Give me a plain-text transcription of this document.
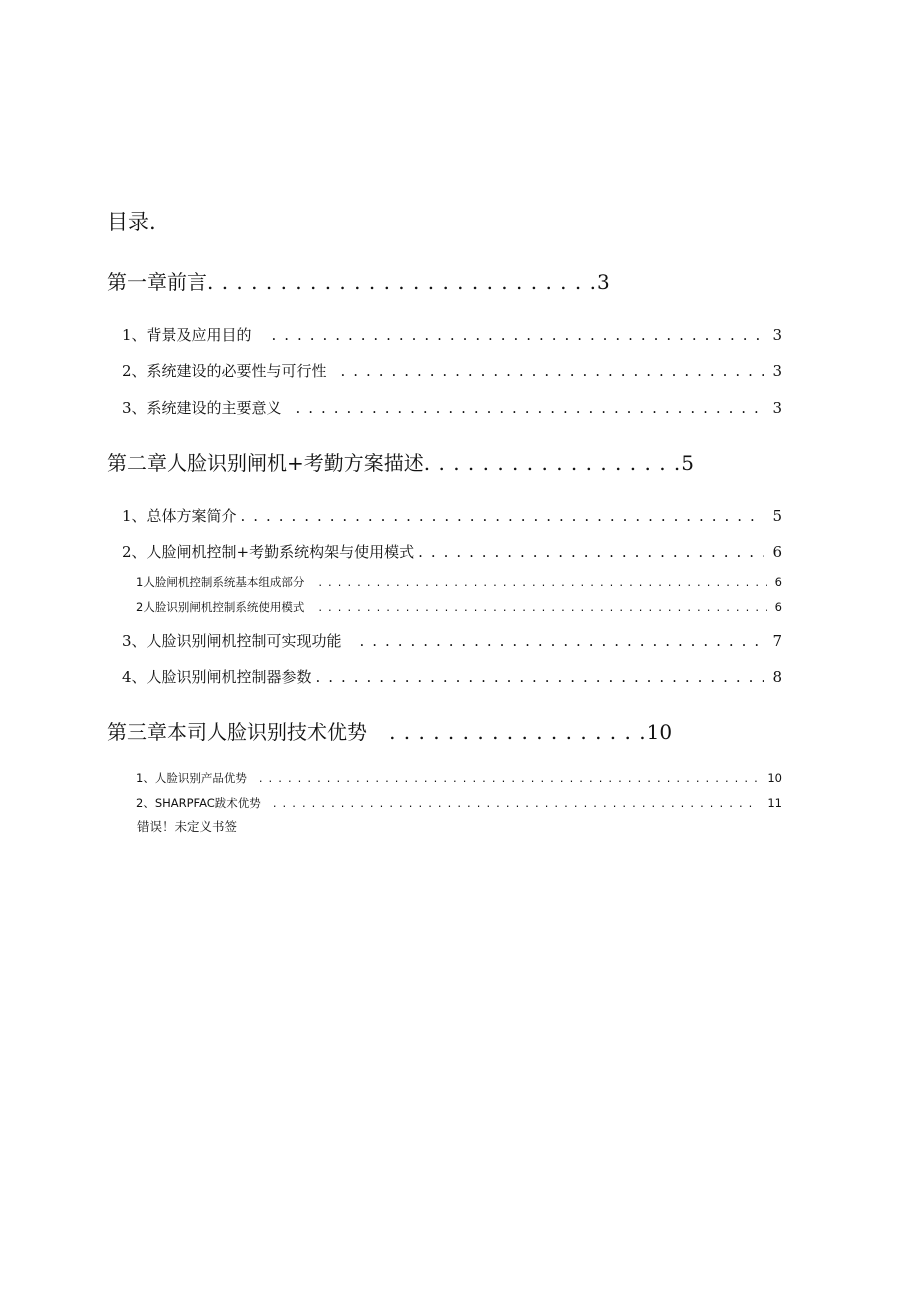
目录.
第一章前言 . . . . . . . . . . . . . . . . . . . . . . . . . . . 3
1、背景及应用目的 . . .	3
2、系统建设的必要性与可行性 . . .	3
3、系统建设的主要意义 . . .	3
第二章人脸识别闸机+考勤方案描述 . . . . . . . . . . . . . . . . . . 5
1、总体方案简介 . . .	5
2、人脸闸机控制+考勤系统构架与使用模式 . . .	6
1人脸闸机控制系统基本组成部分 . . .	6
2人脸识别闸机控制系统使用模式 . . .	6
3、人脸识别闸机控制可实现功能 . . .	7
4、人脸识别闸机控制器参数 . . .	8
第三章本司人脸识别技术优势 . . . . . . . . . . . . . . . . . . 10
1、人脸识别产品优势 . . .	10
2、SHARPFAC跋术优势 . . .	11
错误！未定义书签
